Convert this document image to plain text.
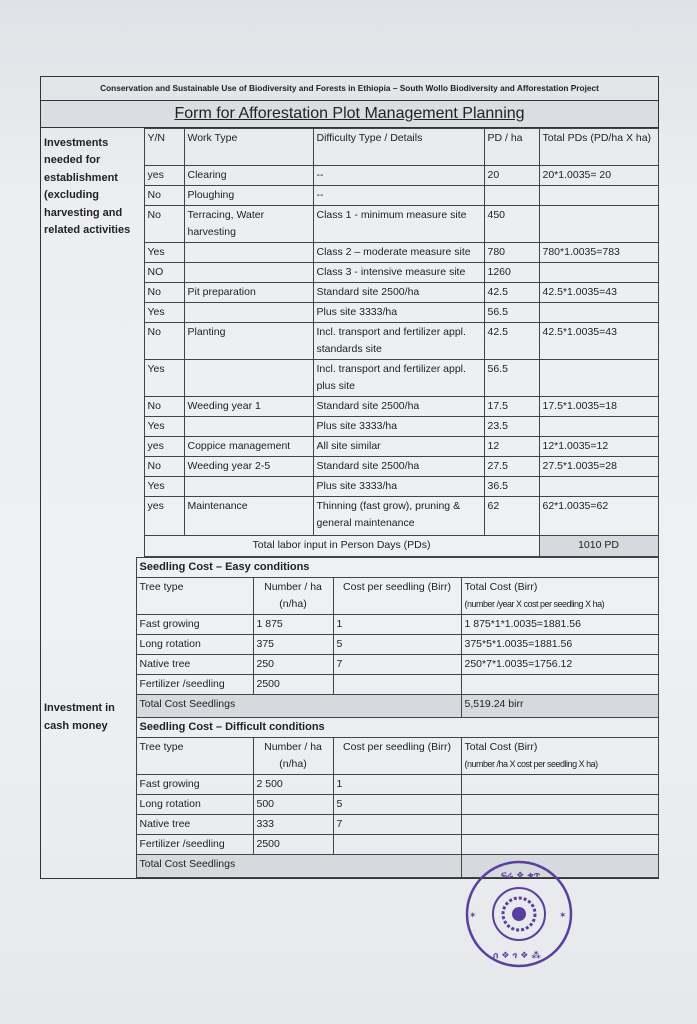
Conservation and Sustainable Use of Biodiversity and Forests in Ethiopia – South Wollo Biodiversity and Afforestation Project
Form for Afforestation Plot Management Planning
Investments needed for establishment (excluding harvesting and related activities	Y/N	Work Type	Difficulty Type / Details	PD / ha	Total PDs (PD/ha X ha)
	yes	Clearing	--	20	20*1.0035= 20
	No	Ploughing	--		
	No	Terracing, Water harvesting	Class 1 - minimum measure site	450	
	Yes		Class 2 – moderate measure site	780	780*1.0035=783
	NO		Class 3 - intensive measure site	1260	
	No	Pit preparation	Standard site 2500/ha	42.5	42.5*1.0035=43
	Yes		Plus site 3333/ha	56.5	
	No	Planting	Incl. transport and fertilizer appl. standards site	42.5	42.5*1.0035=43
	Yes		Incl. transport and fertilizer appl. plus site	56.5	
	No	Weeding year 1	Standard site 2500/ha	17.5	17.5*1.0035=18
	Yes		Plus site 3333/ha	23.5	
	yes	Coppice management	All site similar	12	12*1.0035=12
	No	Weeding year 2-5	Standard site 2500/ha	27.5	27.5*1.0035=28
	Yes		Plus site 3333/ha	36.5	
	yes	Maintenance	Thinning (fast grow), pruning & general maintenance	62	62*1.0035=62
	Total labor input in Person Days (PDs)				1010 PD
Investment in cash money	Seedling Cost – Easy conditions			
	Tree type	Number / ha (n/ha)	Cost per seedling (Birr)	Total Cost (Birr)
(number /year X cost per seedling X ha)

	Fast growing	1 875	1	1 875*1*1.0035=1881.56
	Long rotation	375	5	375*5*1.0035=1881.56
	Native tree	250	7	250*7*1.0035=1756.12
	Fertilizer /seedling	2500		
	Total Cost Seedlings			5,519.24 birr
	Seedling Cost – Difficult conditions			
	Tree type	Number / ha (n/ha)	Cost per seedling (Birr)	Total Cost (Birr)
(number /ha X cost per seedling X ha)

	Fast growing	2 500	1	
	Long rotation	500	5	
	Native tree	333	7	
	Fertilizer /seedling	2500		
	Total Cost Seedlings			
ፍሬ ❖ ቁጥ
ሰ ❖ ጎ ❖ ⁂
✶	✶
